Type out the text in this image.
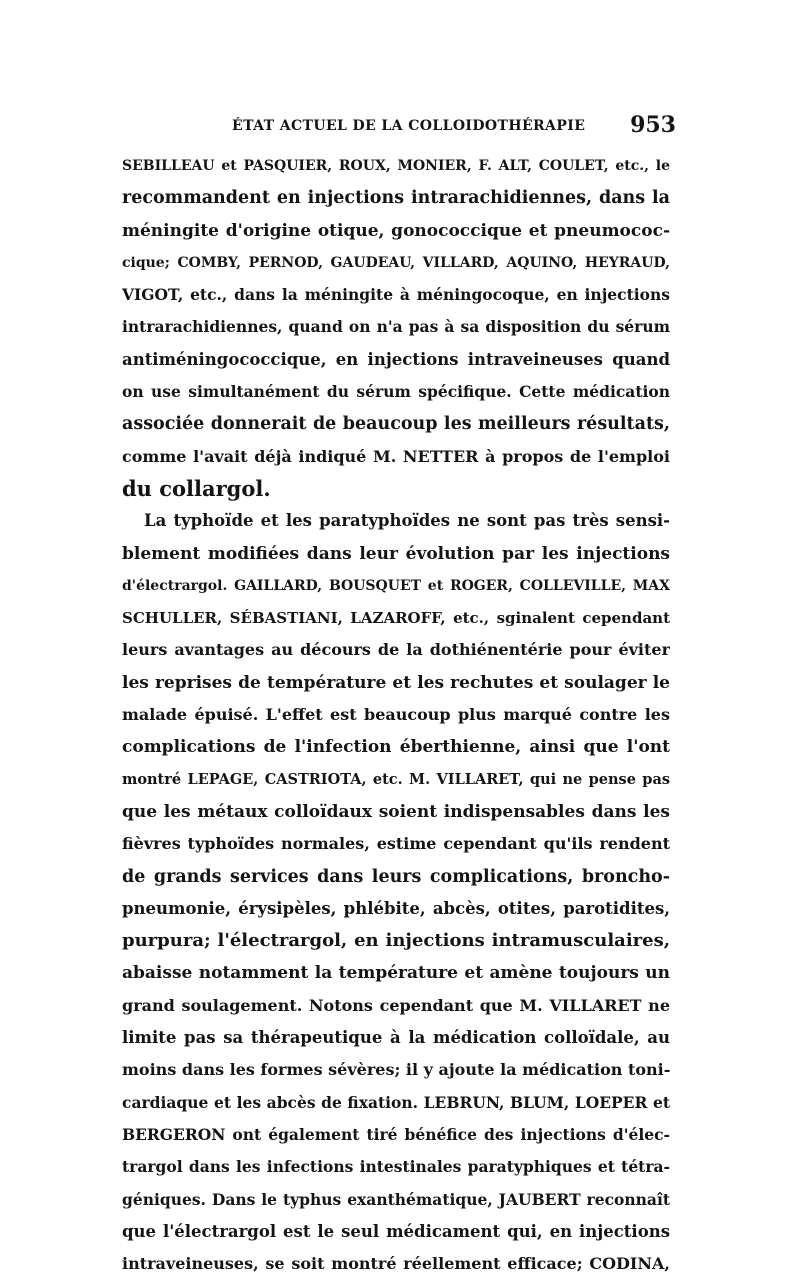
ÉTAT ACTUEL DE LA COLLOIDOTHÉRAPIE 953
SEBILLEAU et PASQUIER, ROUX, MONIER, F. ALT, COULET, etc., le
recommandent en injections intrarachidiennes, dans la
méningite d'origine otique, gonococcique et pneumococ-
cique; COMBY, PERNOD, GAUDEAU, VILLARD, AQUINO, HEYRAUD,
VIGOT, etc., dans la méningite à méningocoque, en injections
intrarachidiennes, quand on n'a pas à sa disposition du sérum
antiméningococcique, en injections intraveineuses quand
on use simultanément du sérum spécifique. Cette médication
associée donnerait de beaucoup les meilleurs résultats,
comme l'avait déjà indiqué M. NETTER à propos de l'emploi
du collargol.
La typhoïde et les paratyphoïdes ne sont pas très sensi-
blement modifiées dans leur évolution par les injections
d'électrargol. GAILLARD, BOUSQUET et ROGER, COLLEVILLE, MAX
SCHULLER, SÉBASTIANI, LAZAROFF, etc., sginalent cependant
leurs avantages au décours de la dothiénentérie pour éviter
les reprises de température et les rechutes et soulager le
malade épuisé. L'effet est beaucoup plus marqué contre les
complications de l'infection éberthienne, ainsi que l'ont
montré LEPAGE, CASTRIOTA, etc. M. VILLARET, qui ne pense pas
que les métaux colloïdaux soient indispensables dans les
fièvres typhoïdes normales, estime cependant qu'ils rendent
de grands services dans leurs complications, broncho-
pneumonie, érysipèles, phlébite, abcès, otites, parotidites,
purpura; l'électrargol, en injections intramusculaires,
abaisse notamment la température et amène toujours un
grand soulagement. Notons cependant que M. VILLARET ne
limite pas sa thérapeutique à la médication colloïdale, au
moins dans les formes sévères; il y ajoute la médication toni-
cardiaque et les abcès de fixation. LEBRUN, BLUM, LOEPER et
BERGERON ont également tiré bénéfice des injections d'élec-
trargol dans les infections intestinales paratyphiques et tétra-
géniques. Dans le typhus exanthématique, JAUBERT reconnaît
que l'électrargol est le seul médicament qui, en injections
intraveineuses, se soit montré réellement efficace; CODINA,
